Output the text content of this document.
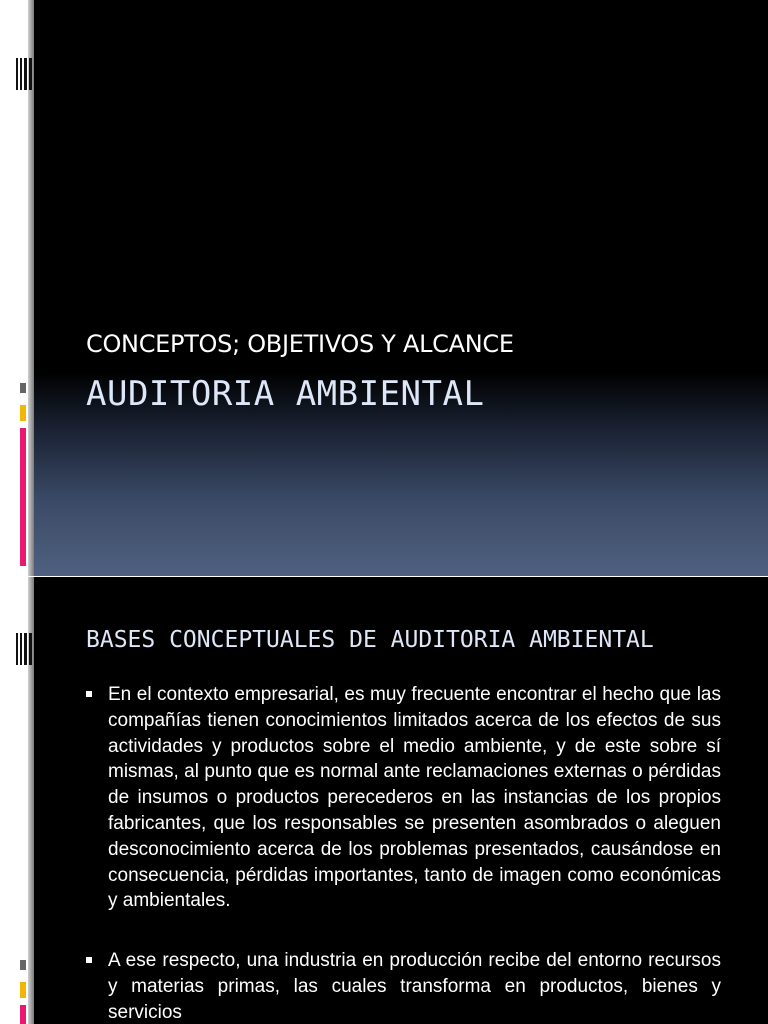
CONCEPTOS; OBJETIVOS Y ALCANCE
AUDITORIA AMBIENTAL
BASES CONCEPTUALES DE AUDITORIA AMBIENTAL
En el contexto empresarial, es muy frecuente encontrar el hecho que las compañías tienen conocimientos limitados acerca de los efectos de sus actividades y productos sobre el medio ambiente, y de este sobre sí mismas, al punto que es normal ante reclamaciones externas o pérdidas de insumos o productos perecederos en las instancias de los propios fabricantes, que los responsables se presenten asombrados o aleguen desconocimiento acerca de los problemas presentados, causándose en consecuencia, pérdidas importantes, tanto de imagen como económicas y ambientales.
A ese respecto, una industria en producción recibe del entorno recursos y materias primas, las cuales transforma en productos, bienes y servicios
